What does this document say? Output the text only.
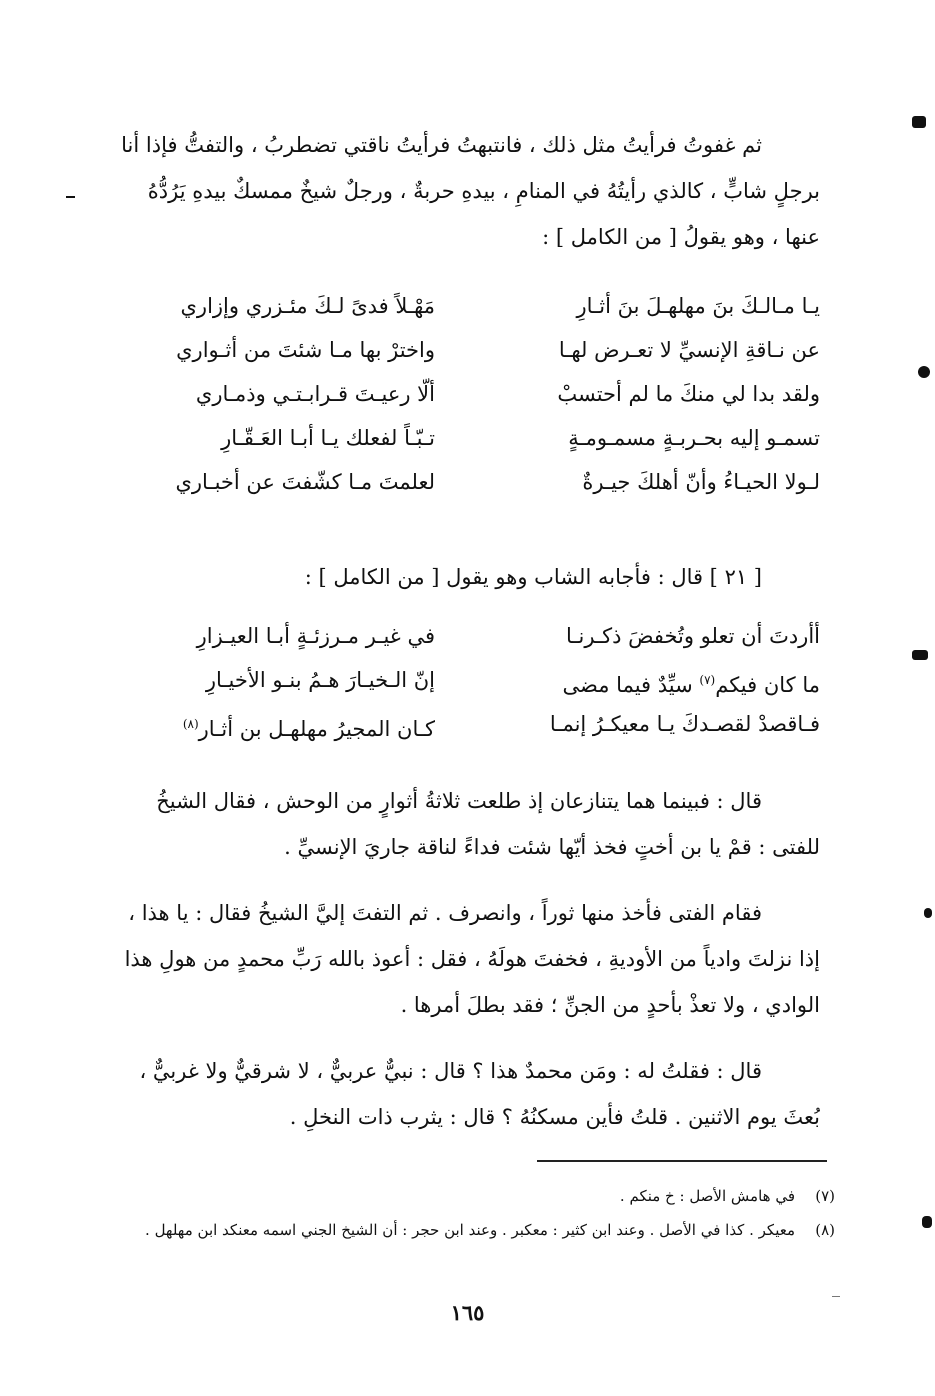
ثم غفوتُ فرأيتُ مثل ذلك ، فانتبهتُ فرأيتُ ناقتي تضطربُ ، والتفتُّ فإذا أنا
برجلٍ شابٍّ ، كالذي رأيتُهُ في المنامِ ، بيدهِ حربةٌ ، ورجلٌ شيخٌ ممسكٌ بيدهِ يَرُدُّهُ
عنها ، وهو يقولُ [ من الكامل ] :
يـا مـالـكَ بنَ مهلهـلَ بنَ أثـارِ
مَهْـلاً فدىً لـكَ مئـزري وإزاري
عن نـاقةِ الإنسيِّ لا تعـرض لهـا
واخترْ بها مـا شئتَ من أثـواري
ولقد بدا لي منكَ ما لم أحتسبْ
ألّا رعيـتَ قـرابـتـي وذمـاري
تسمـو إليه بحـربـةٍ مسمـومـةٍ
تـبّـاً لفعلك يـا أبـا العَـقّـارِ
لـولا الحيـاءُ وأنّ أهلكَ جيـرةٌ
لعلمتَ مـا كشّفتَ عن أخبـاري
[ ٢١ ] قال : فأجابه الشاب وهو يقول [ من الكامل ] :
أأردتَ أن تعلو وتُخفضَ ذكـرنـا
في غيـر مـرزئـةٍ أبـا العيـزارِ
ما كان فيكم$^{(٧)}$ سيِّدٌ فيما مضى
إنّ الـخيـارَ هـمُ بنـو الأخيـارِ
فـاقصدْ لقصـدكَ يـا معيكـرُ إنمـا
كـان المجيرُ مهلهـل بن أثـار$^{(٨)}$
قال : فبينما هما يتنازعان إذ طلعت ثلاثةُ أثوارٍ من الوحش ، فقال الشيخُ
للفتى : قمْ يا بن أختٍ فخذ أيّها شئت فداءً لناقة جاريَ الإنسيِّ .
فقام الفتى فأخذ منها ثوراً ، وانصرف . ثم التفتَ إليَّ الشيخُ فقال : يا هذا ،
إذا نزلتَ وادياً من الأوديةِ ، فخفتَ هولَهُ ، فقل : أعوذ بالله رَبِّ محمدٍ من هولِ هذا
الوادي ، ولا تعذْ بأحدٍ من الجنِّ ؛ فقد بطلَ أمرها .
قال : فقلتُ له : ومَن محمدٌ هذا ؟ قال : نبيٌّ عربيٌّ ، لا شرقيٌّ ولا غربيٌّ ،
بُعثَ يوم الاثنين . قلتُ فأين مسكنُهُ ؟ قال : يثرب ذات النخلِ .
(٧)
في هامش الأصل : خ منكم .
(٨)
معيكر . كذا في الأصل . وعند ابن كثير : معكبر . وعند ابن حجر : أن الشيخ الجني اسمه معنكد ابن مهلهل .
١٦٥
